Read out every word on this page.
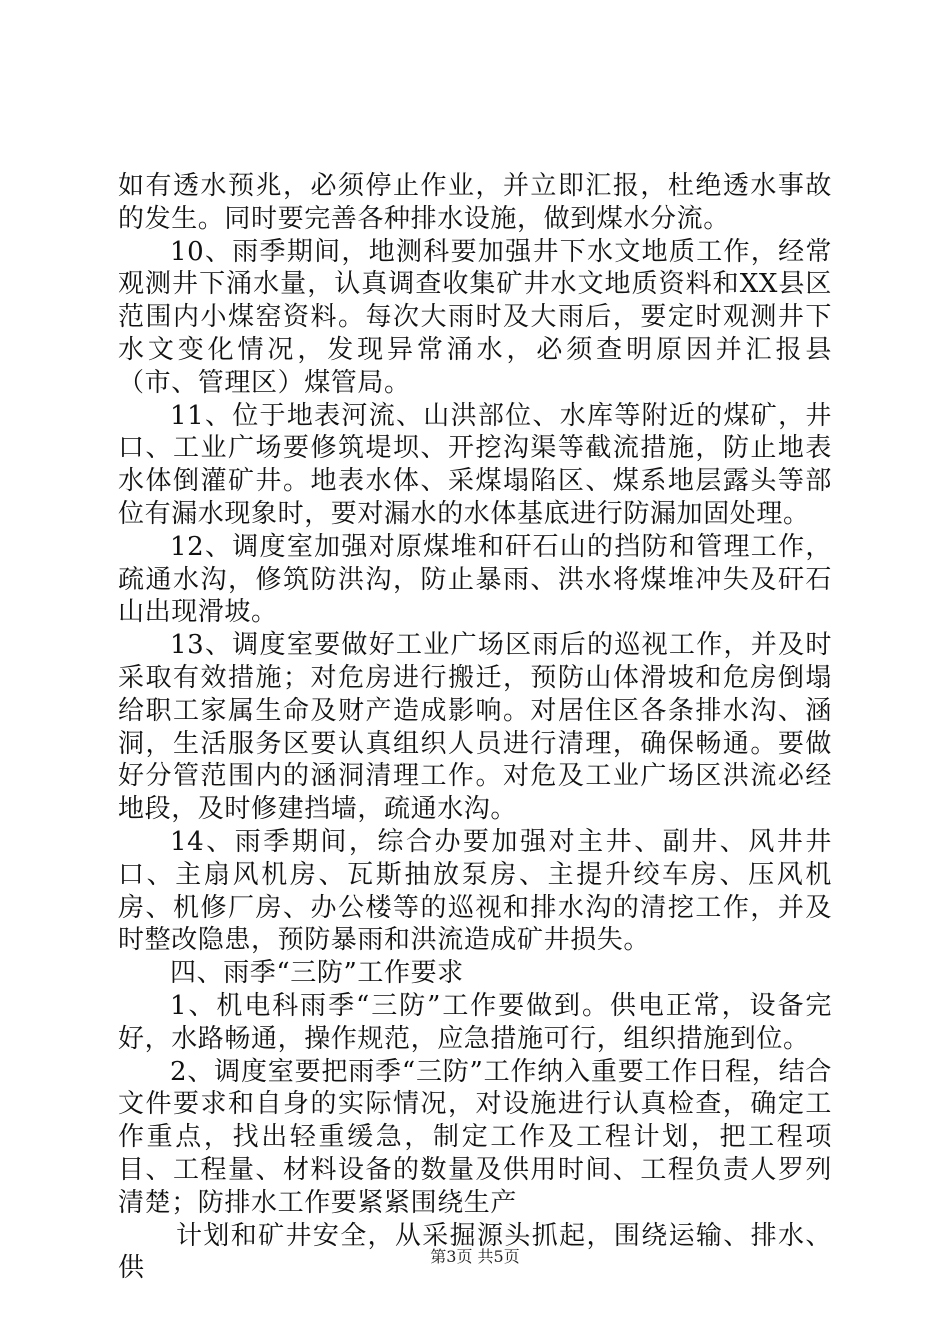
如有透水预兆，必须停止作业，并立即汇报，杜绝透水事故的发生。同时要完善各种排水设施，做到煤水分流。

10、雨季期间，地测科要加强井下水文地质工作，经常观测井下涌水量，认真调查收集矿井水文地质资料和XX县区范围内小煤窑资料。每次大雨时及大雨后，要定时观测井下水文变化情况，发现异常涌水，必须查明原因并汇报县（市、管理区）煤管局。

11、位于地表河流、山洪部位、水库等附近的煤矿，井口、工业广场要修筑堤坝、开挖沟渠等截流措施，防止地表水体倒灌矿井。地表水体、采煤塌陷区、煤系地层露头等部位有漏水现象时，要对漏水的水体基底进行防漏加固处理。

12、调度室加强对原煤堆和矸石山的挡防和管理工作，疏通水沟，修筑防洪沟，防止暴雨、洪水将煤堆冲失及矸石山出现滑坡。

13、调度室要做好工业广场区雨后的巡视工作，并及时采取有效措施；对危房进行搬迁，预防山体滑坡和危房倒塌给职工家属生命及财产造成影响。对居住区各条排水沟、涵洞，生活服务区要认真组织人员进行清理，确保畅通。要做好分管范围内的涵洞清理工作。对危及工业广场区洪流必经地段，及时修建挡墙，疏通水沟。

14、雨季期间，综合办要加强对主井、副井、风井井口、主扇风机房、瓦斯抽放泵房、主提升绞车房、压风机房、机修厂房、办公楼等的巡视和排水沟的清挖工作，并及时整改隐患，预防暴雨和洪流造成矿井损失。

四、雨季“三防”工作要求

1、机电科雨季“三防”工作要做到。供电正常，设备完好，水路畅通，操作规范，应急措施可行，组织措施到位。

2、调度室要把雨季“三防”工作纳入重要工作日程，结合文件要求和自身的实际情况，对设施进行认真检查，确定工作重点，找出轻重缓急，制定工作及工程计划，把工程项目、工程量、材料设备的数量及供用时间、工程负责人罗列清楚；防排水工作要紧紧围绕生产

计划和矿井安全，从采掘源头抓起，围绕运输、排水、供	第3页 共5页
